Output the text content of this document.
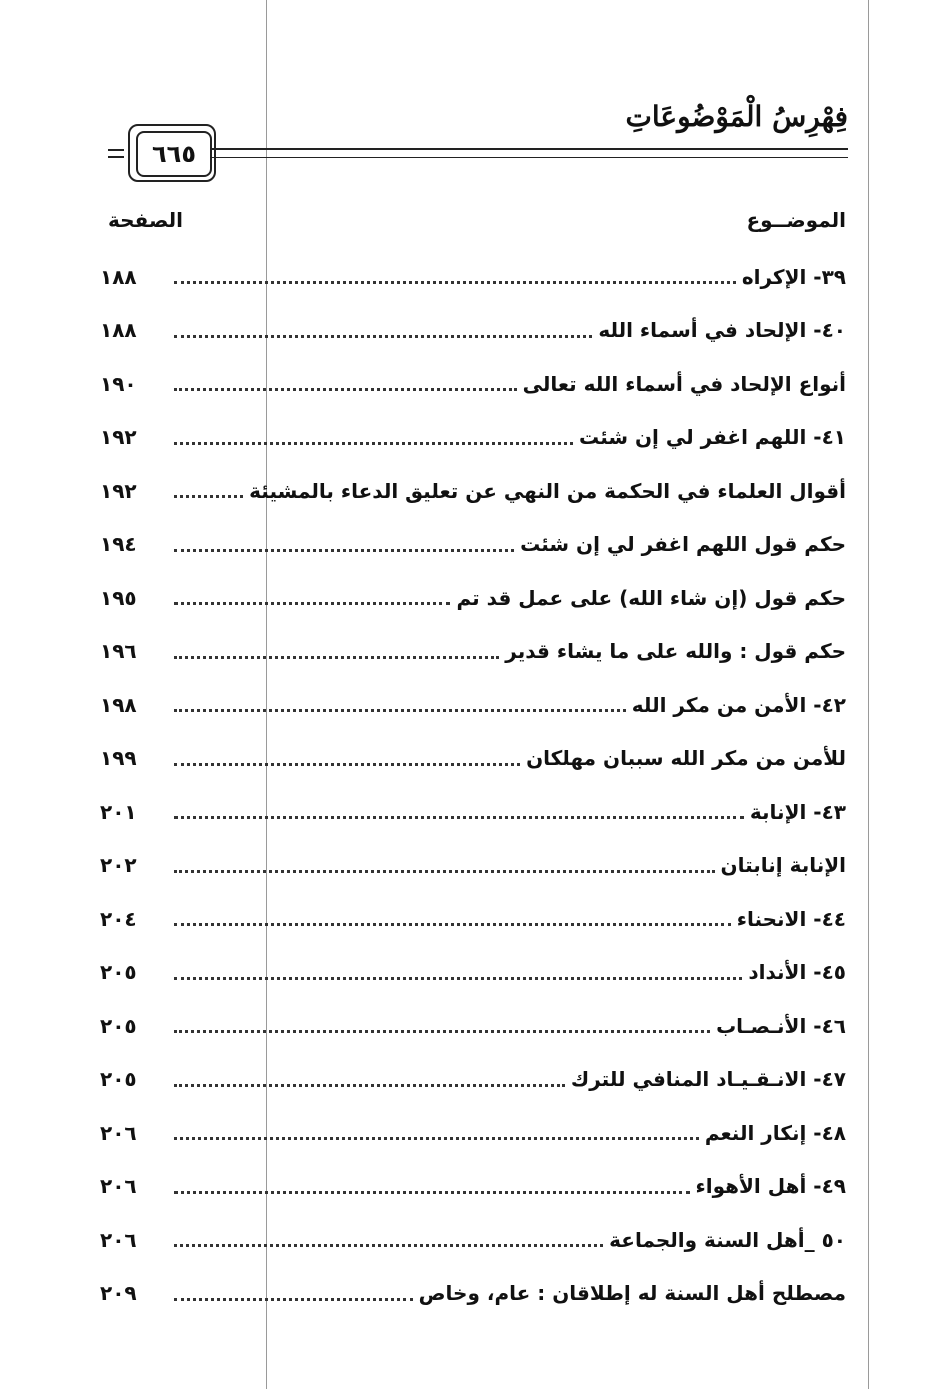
فِهْرِسُ الْمَوْضُوعَاتِ
٦٦٥
الموضــوع
الصفحة
٣٩- الإكراه
١٨٨
٤٠- الإلحاد في أسماء الله
١٨٨
أنواع الإلحاد في أسماء الله تعالى
١٩٠
٤١- اللهم اغفر لي إن شئت
١٩٢
أقوال العلماء في الحكمة من النهي عن تعليق الدعاء بالمشيئة
١٩٢
حكم قول اللهم اغفر لي إن شئت
١٩٤
حكم قول (إن شاء الله) على عمل قد تم
١٩٥
حكم قول : والله على ما يشاء قدير
١٩٦
٤٢- الأمن من مكر الله
١٩٨
للأمن من مكر الله سببان مهلكان
١٩٩
٤٣- الإنابة
٢٠١
الإنابة إنابتان
٢٠٢
٤٤- الانحناء
٢٠٤
٤٥- الأنداد
٢٠٥
٤٦- الأنـصـاب
٢٠٥
٤٧- الانـقـيـاد المنافي للترك
٢٠٥
٤٨- إنكار النعم
٢٠٦
٤٩- أهل الأهواء
٢٠٦
٥٠ _أهل السنة والجماعة
٢٠٦
مصطلح أهل السنة له إطلاقان : عام، وخاص
٢٠٩
